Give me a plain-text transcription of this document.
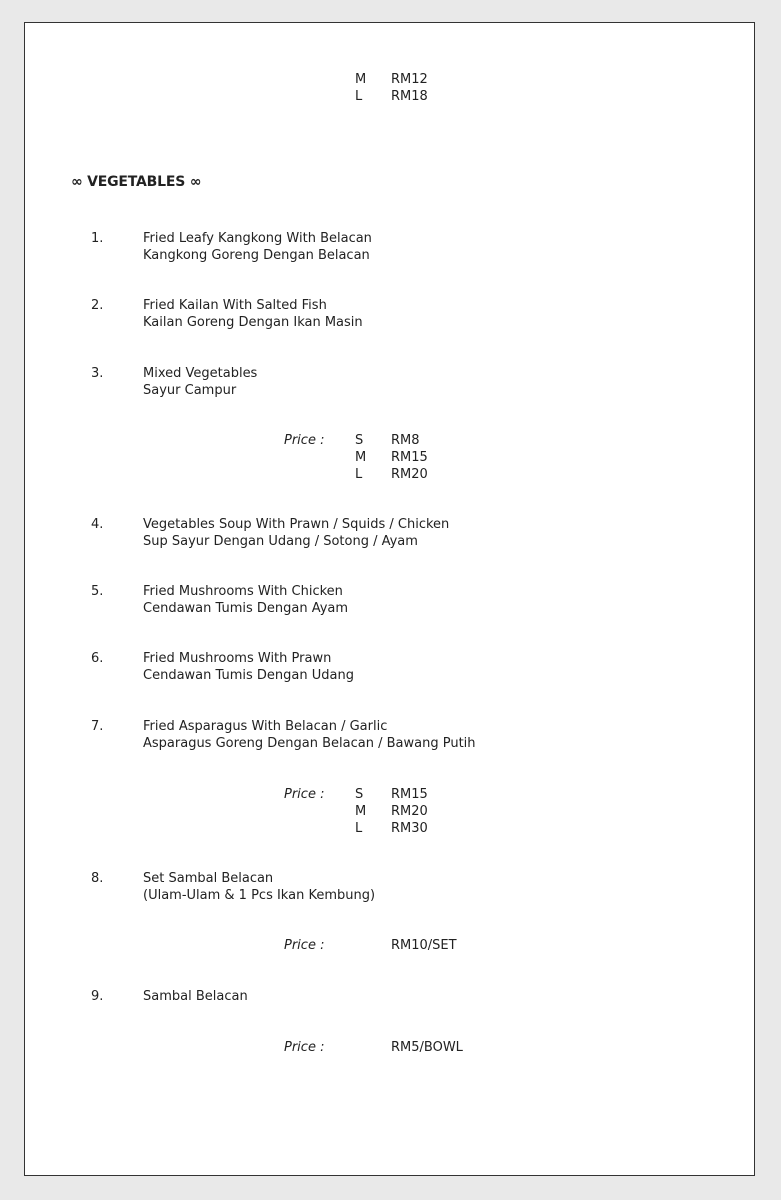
M RM12
L RM18
∞ VEGETABLES ∞
1.	Fried Leafy Kangkong With Belacan
Kangkong Goreng Dengan Belacan
2.	Fried Kailan With Salted Fish
Kailan Goreng Dengan Ikan Masin
3.	Mixed Vegetables
Sayur Campur
Price : S RM8
M RM15
L RM20
4.	Vegetables Soup With Prawn / Squids / Chicken
Sup Sayur Dengan Udang / Sotong / Ayam
5.	Fried Mushrooms With Chicken
Cendawan Tumis Dengan Ayam
6.	Fried Mushrooms With Prawn
Cendawan Tumis Dengan Udang
7.	Fried Asparagus With Belacan / Garlic
Asparagus Goreng Dengan Belacan / Bawang Putih
Price : S RM15
M RM20
L RM30
8.	Set Sambal Belacan
(Ulam-Ulam & 1 Pcs Ikan Kembung)
Price :	RM10/SET
9.	Sambal Belacan
Price :	RM5/BOWL
